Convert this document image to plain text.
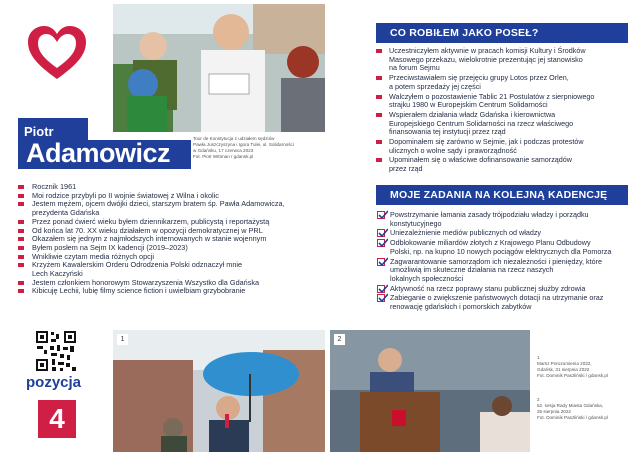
Tour de Konstytucja z udziałem sędziów
Pawła Juszczyszyna i Igora Tulei, ul. Solidarności
w Gdańsku, 17 czerwca 2023
Fot. Piotr Wittman / gdansk.pl
Piotr
Adamowicz
Rocznik 1961
Moi rodzice przybyli po II wojnie światowej z Wilna i okolic
Jestem mężem, ojcem dwójki dzieci, starszym bratem śp. Pawła Adamowicza,
prezydenta Gdańska
Przez ponad ćwierć wieku byłem dziennikarzem, publicystą i reportażystą
Od końca lat 70. XX wieku działałem w opozycji demokratycznej w PRL
Okazałem się jednym z najmłodszych internowanych w stanie wojennym
Byłem posłem na Sejm IX kadencji (2019–2023)
Wnikliwie czytam media różnych opcji
Krzyżem Kawalerskim Orderu Odrodzenia Polski odznaczył mnie
Lech Kaczyński
Jestem członkiem honorowym Stowarzyszenia Wszystko dla Gdańska
Kibicuję Lechii, lubię filmy science fiction i uwielbiam grzybobranie
CO ROBIŁEM JAKO POSEŁ?
Uczestniczyłem aktywnie w pracach komisji Kultury i Środków
Masowego przekazu, wielokrotnie prezentując jej stanowisko
na forum Sejmu
Przeciwstawiałem się przejęciu grupy Lotos przez Orlen,
a potem sprzedaży jej części
Walczyłem o pozostawienie Tablic 21 Postulatów z sierpniowego
strajku 1980 w Europejskim Centrum Solidarności
Wspierałem działania władz Gdańska i kierownictwa
Europejskiego Centrum Solidarności na rzecz właściwego
finansowania tej instytucji przez rząd
Dopominałem się zarówno w Sejmie, jak i podczas protestów
ulicznych o wolne sądy i praworządność
Upominałem się o właściwe dofinansowanie samorządów
przez rząd
MOJE ZADANIA NA KOLEJNĄ KADENCJĘ
Powstrzymanie łamania zasady trójpodziału władzy i porządku
konstytucyjnego
Uniezależnienie mediów publicznych od władzy
Odblokowanie miliardów złotych z Krajowego Planu Odbudowy
Polski, np. na kupno 10 nowych pociągów elektrycznych dla Pomorza
Zagwarantowanie samorządom ich niezależności i pieniędzy, które
umożliwią im skuteczne działania na rzecz naszych
lokalnych społeczności
Aktywność na rzecz poprawy stanu publicznej służby zdrowia
Zabieganie o zwiększenie państwowych dotacji na utrzymanie oraz
renowację gdańskich i pomorskich zabytków
pozycja
4
1	2
1
Marsz Porozumienia 2022,
Gdańsk, 31 sierpnia 2022
Fot. Dominik Paszliński / gdansk.pl
2
52. sesja Rady Miasta Gdańska,
25 sierpnia 2022
Fot. Dominik Paszliński / gdansk.pl
